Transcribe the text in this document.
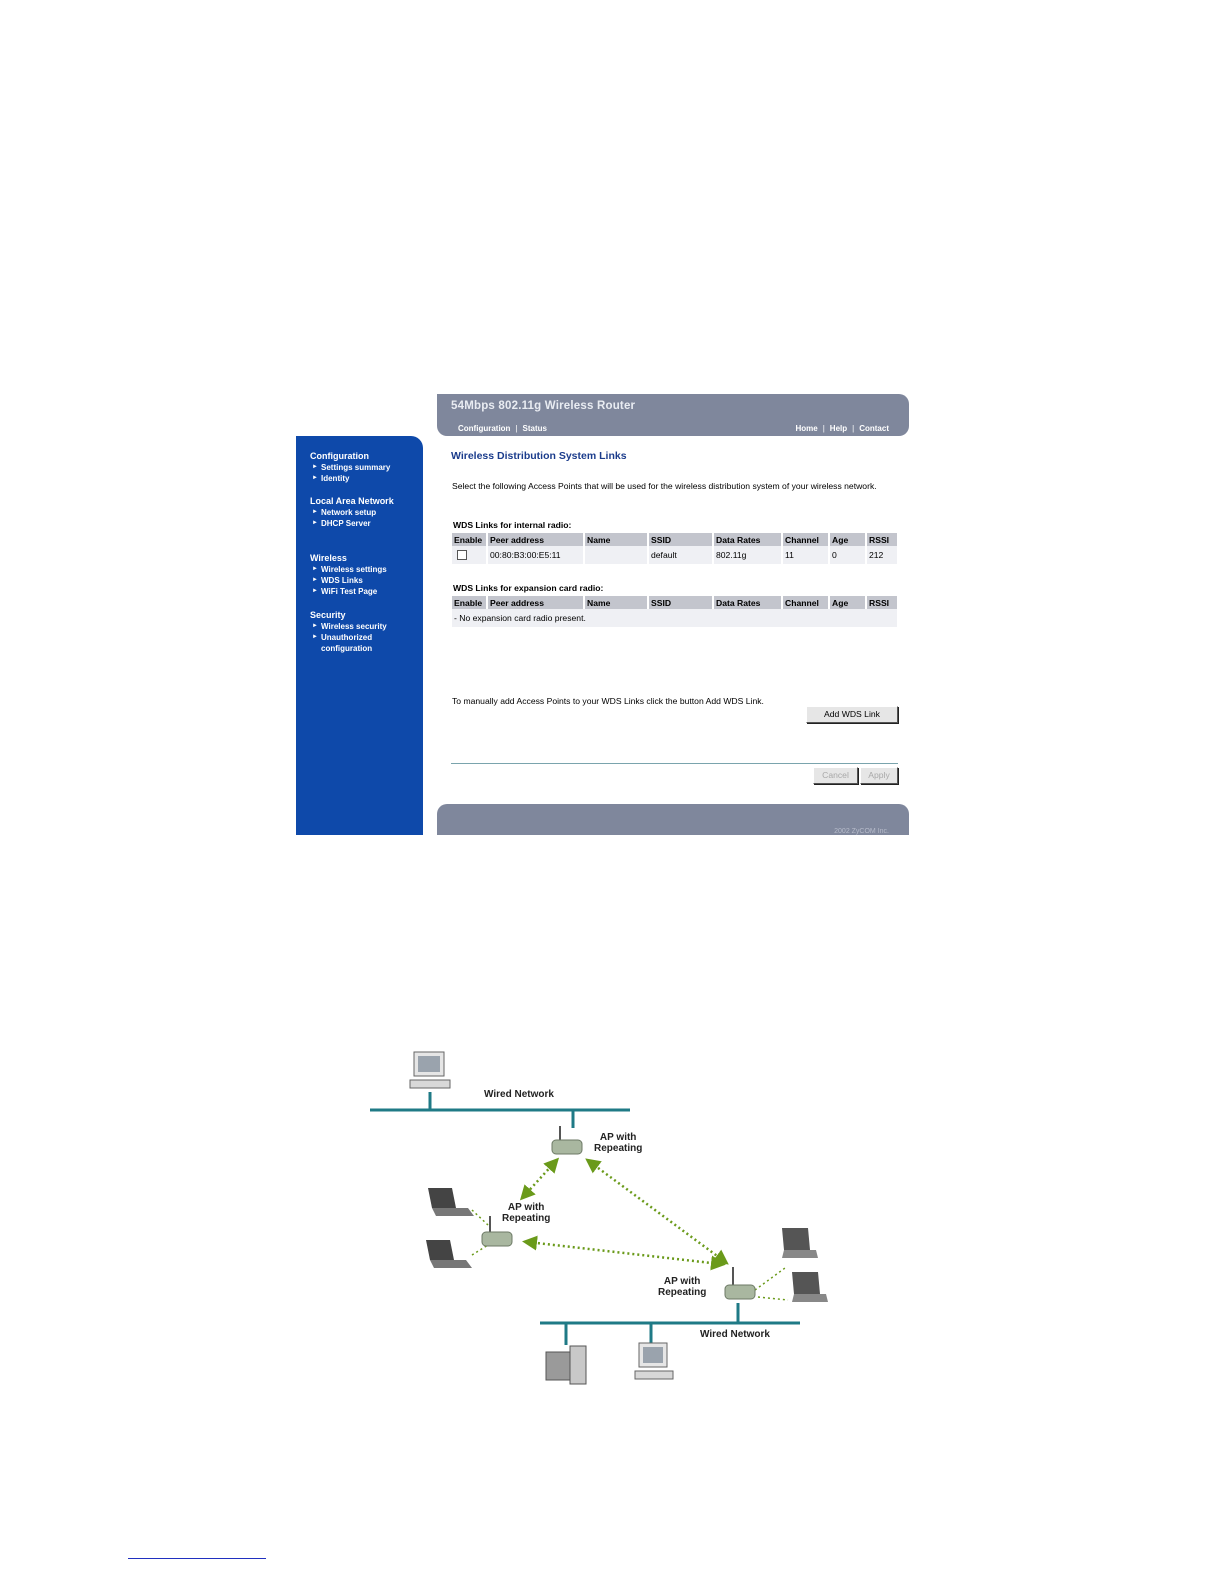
54Mbps 802.11g Wireless Router
Configuration | Status	Home | Help | Contact
Configuration
► Settings summary
► Identity
Local Area Network
► Network setup
► DHCP Server
Wireless
► Wireless settings
► WDS Links
► WiFi Test Page
Security
► Wireless security
► Unauthorized
configuration
Wireless Distribution System Links
Select the following Access Points that will be used for the wireless distribution system of your wireless network.
WDS Links for internal radio:
Enable	Peer address	Name	SSID	Data Rates	Channel	Age	RSSI
	00:80:B3:00:E5:11		default	802.11g	11	0	212
WDS Links for expansion card radio:
Enable	Peer address	Name	SSID	Data Rates	Channel	Age	RSSI
- No expansion card radio present.
To manually add Access Points to your WDS Links click the button Add WDS Link.
Add WDS Link
Cancel	Apply
2002 ZyCOM Inc.
Wired Network
Wired Network
AP with
Repeating
AP with
Repeating
AP with
Repeating
